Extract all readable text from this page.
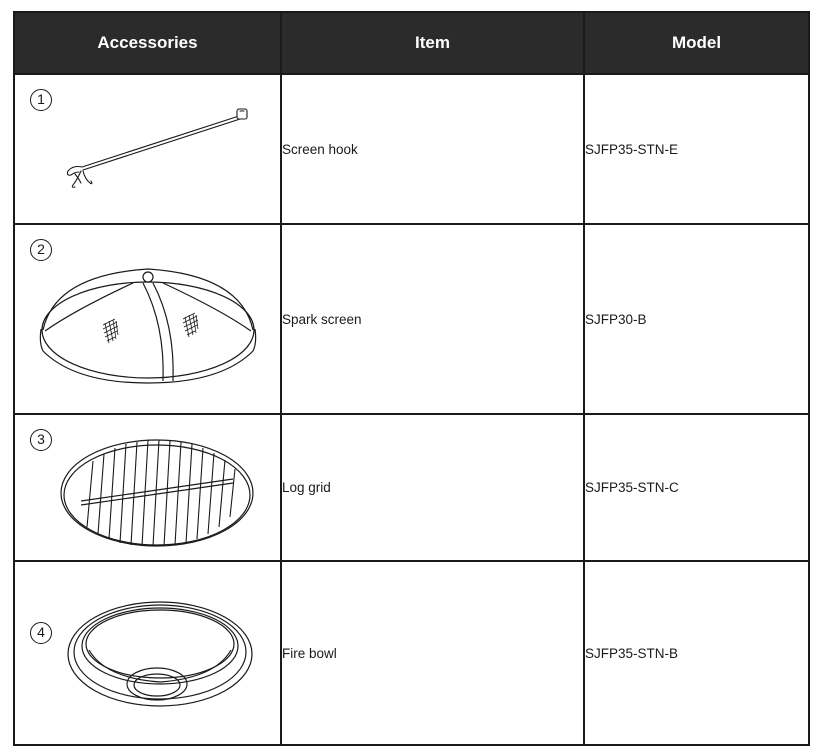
Accessories	Item	Model

1	Screen hook	SJFP35-STN-E

2	Spark screen	SJFP30-B

3	Log grid	SJFP35-STN-C

4	Fire bowl	SJFP35-STN-B
